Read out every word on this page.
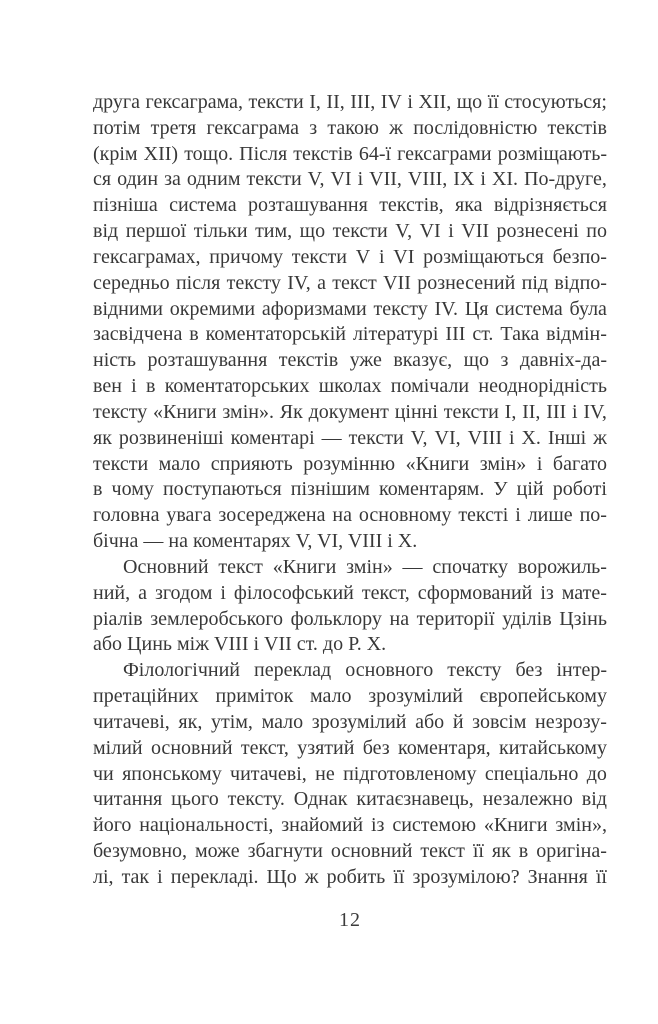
друга гексаграма, тексти I, II, III, IV і XII, що її стосуються;
потім третя гексаграма з такою ж послідовністю текстів
(крім XII) тощо. Після текстів 64-ї гексаграми розміщають-
ся один за одним тексти V, VI і VII, VIII, IX і XI. По-друге,
пізніша система розташування текстів, яка відрізняється
від першої тільки тим, що тексти V, VI і VII рознесені по
гексаграмах, причому тексти V і VI розміщаються безпо-
середньо після тексту IV, а текст VII рознесений під відпо-
відними окремими афоризмами тексту IV. Ця система була
засвідчена в коментаторській літературі III ст. Така відмін-
ність розташування текстів уже вказує, що з давніх-да-
вен і в коментаторських школах помічали неоднорідність
тексту «Книги змін». Як документ цінні тексти I, II, III і IV,
як розвиненіші коментарі — тексти V, VI, VIII і X. Інші ж
тексти мало сприяють розумінню «Книги змін» і багато
в чому поступаються пізнішим коментарям. У цій роботі
головна увага зосереджена на основному тексті і лише по-
бічна — на коментарях V, VI, VIII і X.
Основний текст «Книги змін» — спочатку ворожиль-
ний, а згодом і філософський текст, сформований із мате-
ріалів землеробського фольклору на території уділів Цзінь
або Цинь між VIII і VII ст. до Р. Х.
Філологічний переклад основного тексту без інтер-
претаційних приміток мало зрозумілий європейському
читачеві, як, утім, мало зрозумілий або й зовсім незрозу-
мілий основний текст, узятий без коментаря, китайському
чи японському читачеві, не підготовленому спеціально до
читання цього тексту. Однак китаєзнавець, незалежно від
його національності, знайомий із системою «Книги змін»,
безумовно, може збагнути основний текст її як в оригіна-
лі, так і перекладі. Що ж робить її зрозумілою? Знання її
12
